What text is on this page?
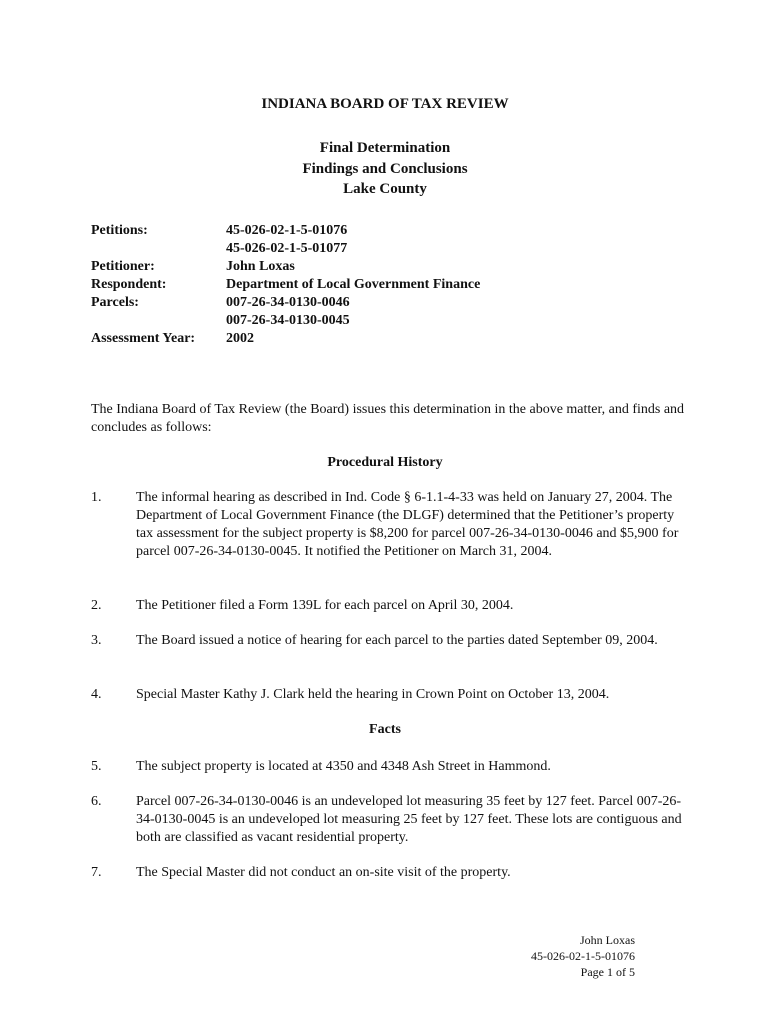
INDIANA BOARD OF TAX REVIEW
Final Determination
Findings and Conclusions
Lake County
Petitions:	45-026-02-1-5-01076
45-026-02-1-5-01077
Petitioner:	John Loxas
Respondent:	Department of Local Government Finance
Parcels:	007-26-34-0130-0046
007-26-34-0130-0045
Assessment Year:	2002
The Indiana Board of Tax Review (the Board) issues this determination in the above matter, and finds and concludes as follows:
Procedural History
1.	The informal hearing as described in Ind. Code § 6-1.1-4-33 was held on January 27, 2004. The Department of Local Government Finance (the DLGF) determined that the Petitioner’s property tax assessment for the subject property is $8,200 for parcel 007-26-34-0130-0046 and $5,900 for parcel 007-26-34-0130-0045. It notified the Petitioner on March 31, 2004.
2.	The Petitioner filed a Form 139L for each parcel on April 30, 2004.
3.	The Board issued a notice of hearing for each parcel to the parties dated September 09, 2004.
4.	Special Master Kathy J. Clark held the hearing in Crown Point on October 13, 2004.
Facts
5.	The subject property is located at 4350 and 4348 Ash Street in Hammond.
6.	Parcel 007-26-34-0130-0046 is an undeveloped lot measuring 35 feet by 127 feet. Parcel 007-26-34-0130-0045 is an undeveloped lot measuring 25 feet by 127 feet. These lots are contiguous and both are classified as vacant residential property.
7.	The Special Master did not conduct an on-site visit of the property.
John Loxas
45-026-02-1-5-01076
Page 1 of 5
